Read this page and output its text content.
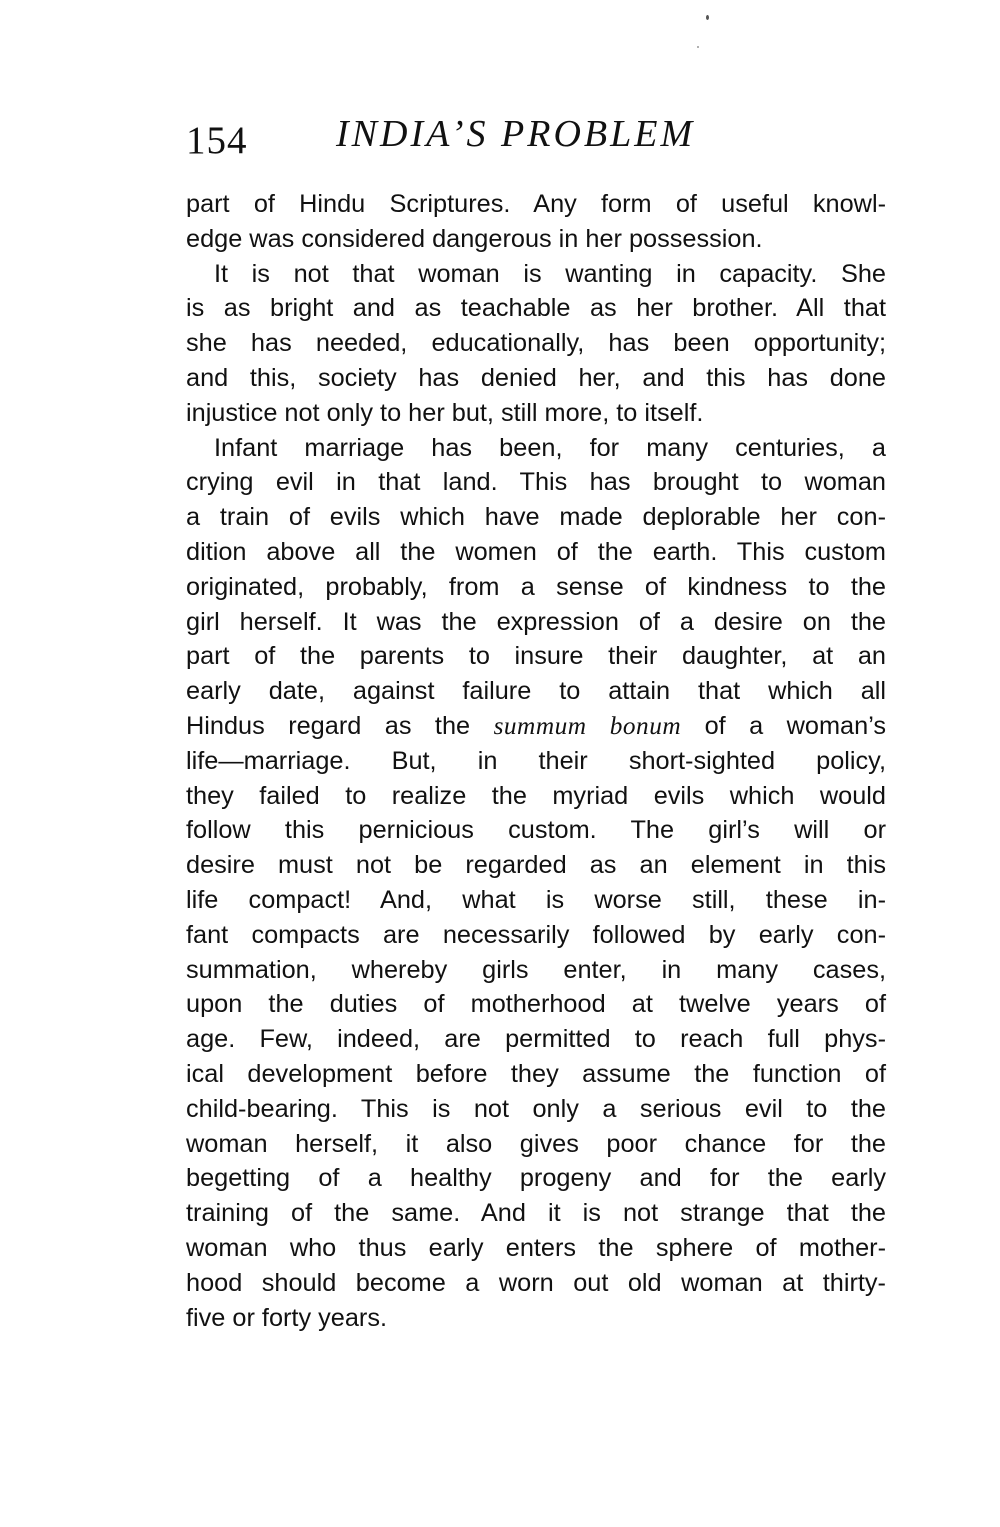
154 INDIA’S PROBLEM
part of Hindu Scriptures. Any form of useful knowl-
edge was considered dangerous in her possession.
It is not that woman is wanting in capacity. She
is as bright and as teachable as her brother. All that
she has needed, educationally, has been opportunity;
and this, society has denied her, and this has done
injustice not only to her but, still more, to itself.
Infant marriage has been, for many centuries, a
crying evil in that land. This has brought to woman
a train of evils which have made deplorable her con-
dition above all the women of the earth. This custom
originated, probably, from a sense of kindness to the
girl herself. It was the expression of a desire on the
part of the parents to insure their daughter, at an
early date, against failure to attain that which all
Hindus regard as the summum bonum of a woman’s
life—marriage. But, in their short-sighted policy,
they failed to realize the myriad evils which would
follow this pernicious custom. The girl’s will or
desire must not be regarded as an element in this
life compact! And, what is worse still, these in-
fant compacts are necessarily followed by early con-
summation, whereby girls enter, in many cases,
upon the duties of motherhood at twelve years of
age. Few, indeed, are permitted to reach full phys-
ical development before they assume the function of
child-bearing. This is not only a serious evil to the
woman herself, it also gives poor chance for the
begetting of a healthy progeny and for the early
training of the same. And it is not strange that the
woman who thus early enters the sphere of mother-
hood should become a worn out old woman at thirty-
five or forty years.
